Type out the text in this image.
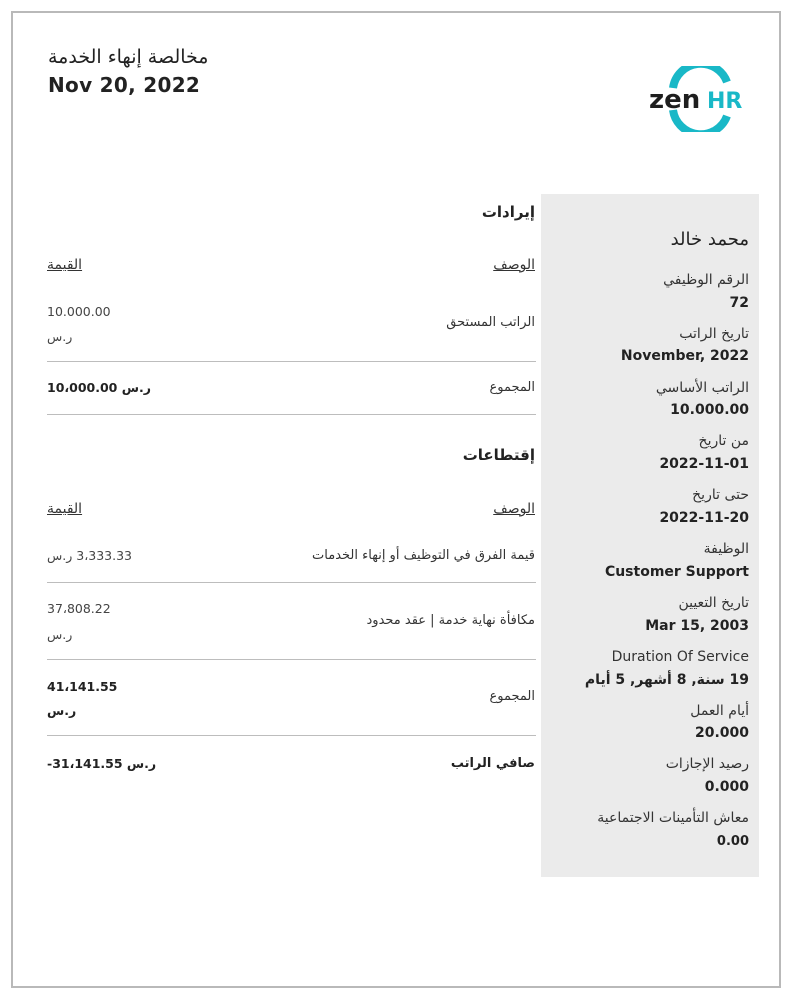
مخالصة إنهاء الخدمة
Nov 20, 2022	zen HR
محمد خالد
الرقم الوظيفي
72
تاريخ الراتب
November, 2022
الراتب الأساسي
10.000.00
من تاريخ
2022-11-01
حتى تاريخ
2022-11-20
الوظيفة
Customer Support
تاريخ التعيين
Mar 15, 2003
Duration Of Service
19 سنة, 8 أشهر, 5 أيام
أيام العمل
20.000
رصيد الإجازات
0.000
معاش التأمينات الاجتماعية
0.00
إيرادات
الوصف
القيمة
الراتب المستحق
10.000.00
ر.س
المجموع
10،000.00 ر.س
إقتطاعات
الوصف
القيمة
قيمة الفرق في التوظيف أو إنهاء الخدمات
3،333.33 ر.س
مكافأة نهاية خدمة | عقد محدود
37،808.22
ر.س
المجموع
41،141.55
ر.س
صافي الراتب
-31،141.55 ر.س
